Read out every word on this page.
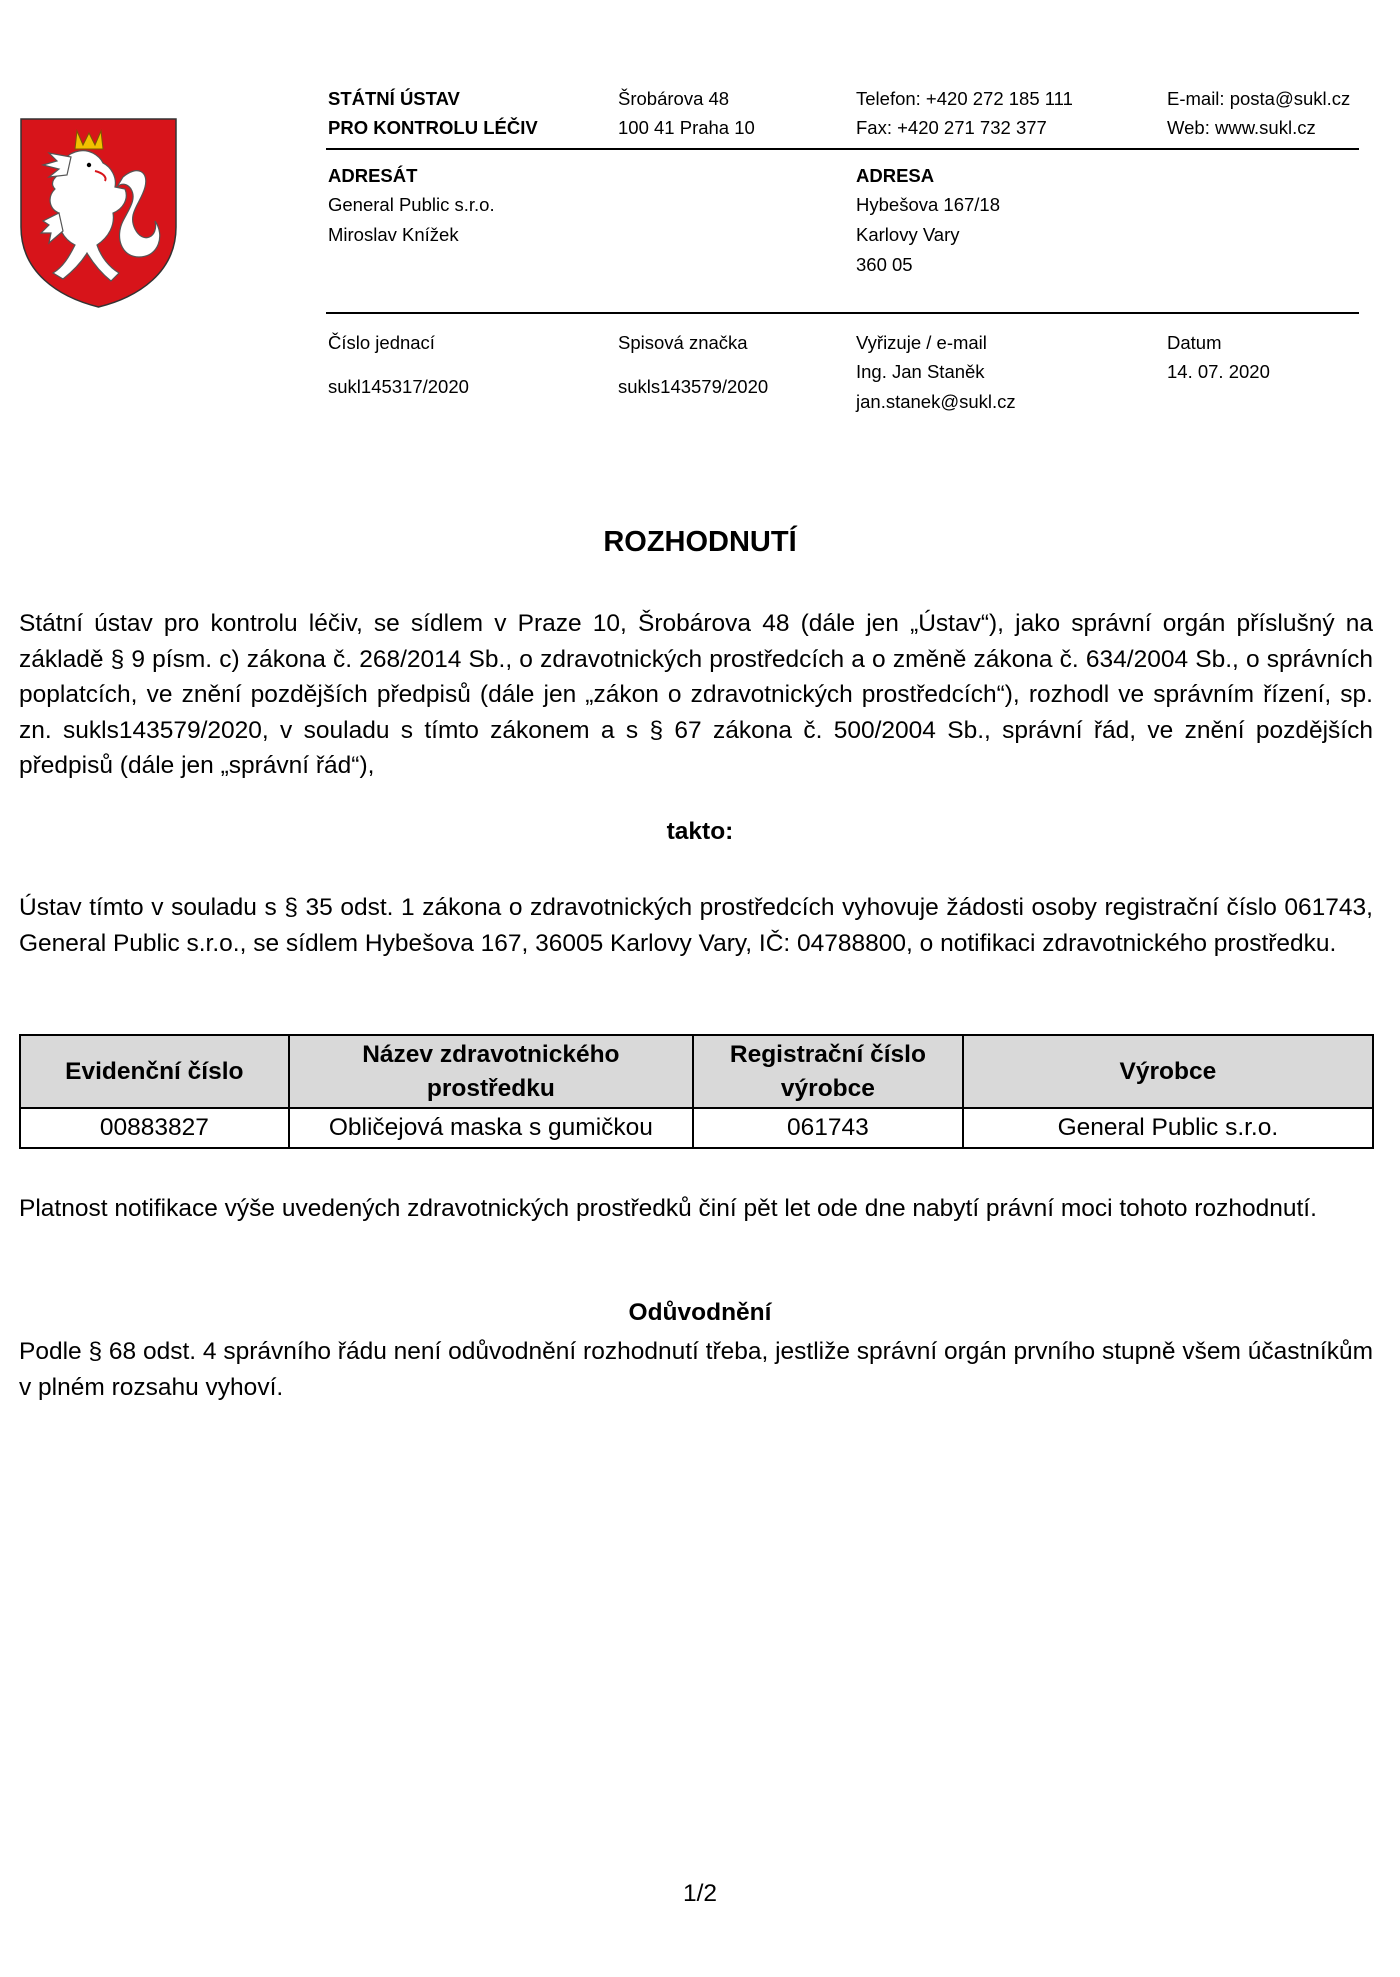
STÁTNÍ ÚSTAV
PRO KONTROLU LÉČIV
Šrobárova 48
100 41 Praha 10
Telefon: +420 272 185 111
Fax: +420 271 732 377
E-mail: posta@sukl.cz
Web: www.sukl.cz
ADRESÁT
General Public s.r.o.
Miroslav Knížek
ADRESA
Hybešova 167/18
Karlovy Vary
360 05
Číslo jednací
sukl145317/2020
Spisová značka
sukls143579/2020
Vyřizuje / e-mail
Ing. Jan Staněk
jan.stanek@sukl.cz
Datum
14. 07. 2020
ROZHODNUTÍ
Státní ústav pro kontrolu léčiv, se sídlem v Praze 10, Šrobárova 48 (dále jen „Ústav“), jako správní orgán příslušný na základě § 9 písm. c) zákona č. 268/2014 Sb., o zdravotnických prostředcích a o změně zákona č. 634/2004 Sb., o správních poplatcích, ve znění pozdějších předpisů (dále jen „zákon o zdravotnických prostředcích“), rozhodl ve správním řízení, sp. zn. sukls143579/2020, v souladu s tímto zákonem a s § 67 zákona č. 500/2004 Sb., správní řád, ve znění pozdějších předpisů (dále jen „správní řád“),
takto:
Ústav tímto v souladu s § 35 odst. 1 zákona o zdravotnických prostředcích vyhovuje žádosti osoby registrační číslo 061743, General Public s.r.o., se sídlem Hybešova 167, 36005 Karlovy Vary, IČ: 04788800, o notifikaci zdravotnického prostředku.
Evidenční číslo	Název zdravotnického prostředku	Registrační číslo výrobce	Výrobce
00883827	Obličejová maska s gumičkou	061743	General Public s.r.o.
Platnost notifikace výše uvedených zdravotnických prostředků činí pět let ode dne nabytí právní moci tohoto rozhodnutí.
Odůvodnění
Podle § 68 odst. 4 správního řádu není odůvodnění rozhodnutí třeba, jestliže správní orgán prvního stupně všem účastníkům v plném rozsahu vyhoví.
1/2
